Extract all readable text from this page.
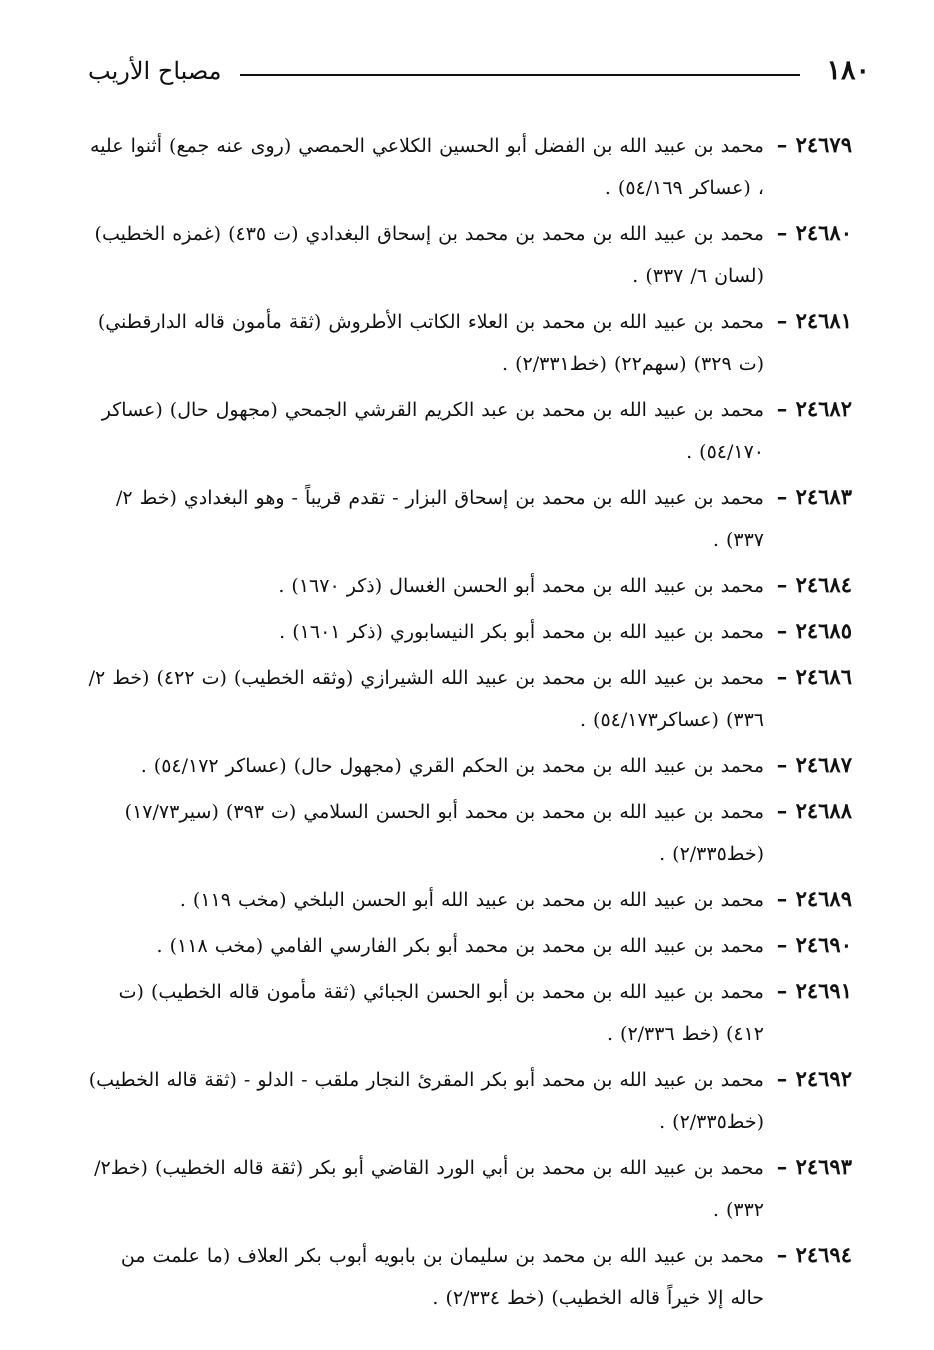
١٨٠
مصباح الأريب

٢٤٦٧٩ –محمد بن عبيد الله بن الفضل أبو الحسين الكلاعي الحمصي (روى عنه جمع) أثنوا عليه ، (عساكر ٥٤/١٦٩) .

٢٤٦٨٠ –محمد بن عبيد الله بن محمد بن محمد بن إسحاق البغدادي (ت ٤٣٥) (غمزه الخطيب) (لسان ٦/ ٣٣٧) .

٢٤٦٨١ –محمد بن عبيد الله بن محمد بن العلاء الكاتب الأطروش (ثقة مأمون قاله الدارقطني) (ت ٣٢٩) (سهم٢٢) (خط٢/٣٣١) .

٢٤٦٨٢ –محمد بن عبيد الله بن محمد بن عبد الكريم القرشي الجمحي (مجهول حال) (عساكر ٥٤/١٧٠) .

٢٤٦٨٣ –محمد بن عبيد الله بن محمد بن إسحاق البزار - تقدم قريباً - وهو البغدادي (خط ٢/ ٣٣٧) .

٢٤٦٨٤ –محمد بن عبيد الله بن محمد أبو الحسن الغسال (ذكر ١٦٧٠) .

٢٤٦٨٥ –محمد بن عبيد الله بن محمد أبو بكر النيسابوري (ذكر ١٦٠١) .

٢٤٦٨٦ –محمد بن عبيد الله بن محمد بن عبيد الله الشيرازي (وثقه الخطيب) (ت ٤٢٢) (خط ٢/ ٣٣٦) (عساكر٥٤/١٧٣) .

٢٤٦٨٧ –محمد بن عبيد الله بن محمد بن الحكم القري (مجهول حال) (عساكر ٥٤/١٧٢) .

٢٤٦٨٨ –محمد بن عبيد الله بن محمد بن محمد أبو الحسن السلامي (ت ٣٩٣) (سير١٧/٧٣) (خط٢/٣٣٥) .

٢٤٦٨٩ –محمد بن عبيد الله بن محمد بن عبيد الله أبو الحسن البلخي (مخب ١١٩) .

٢٤٦٩٠ –محمد بن عبيد الله بن محمد بن محمد أبو بكر الفارسي الفامي (مخب ١١٨) .

٢٤٦٩١ –محمد بن عبيد الله بن محمد بن أبو الحسن الجبائي (ثقة مأمون قاله الخطيب) (ت ٤١٢) (خط ٢/٣٣٦) .

٢٤٦٩٢ –محمد بن عبيد الله بن محمد أبو بكر المقرئ النجار ملقب - الدلو - (ثقة قاله الخطيب) (خط٢/٣٣٥) .

٢٤٦٩٣ –محمد بن عبيد الله بن محمد بن أبي الورد القاضي أبو بكر (ثقة قاله الخطيب) (خط٢/ ٣٣٢) .

٢٤٦٩٤ –محمد بن عبيد الله بن محمد بن سليمان بن بابويه أبوب بكر العلاف (ما علمت من حاله إلا خيراً قاله الخطيب) (خط ٢/٣٣٤) .
